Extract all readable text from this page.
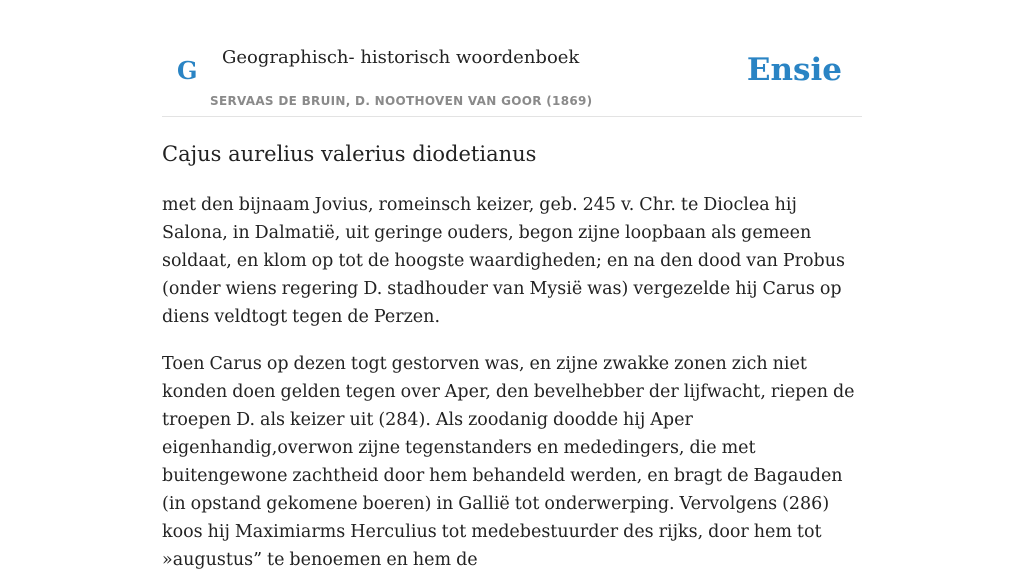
G Geographisch- historisch woordenboek
SERVAAS DE BRUIN, D. NOOTHOVEN VAN GOOR (1869)
Ensie
Cajus aurelius valerius diodetianus

met den bijnaam Jovius, romeinsch keizer, geb. 245 v. Chr. te Dioclea hij Salona, in Dalmatië, uit geringe ouders, begon zijne loopbaan als gemeen soldaat, en klom op tot de hoogste waardigheden; en na den dood van Probus (onder wiens regering D. stadhouder van Mysië was) vergezelde hij Carus op diens veldtogt tegen de Perzen.

Toen Carus op dezen togt gestorven was, en zijne zwakke zonen zich niet konden doen gelden tegen over Aper, den bevelhebber der lijfwacht, riepen de troepen D. als keizer uit (284). Als zoodanig doodde hij Aper eigenhandig,overwon zijne tegenstanders en mededingers, die met buitengewone zachtheid door hem behandeld werden, en bragt de Bagauden (in opstand gekomene boeren) in Gallië tot onderwerping. Vervolgens (286) koos hij Maximiarms Herculius tot medebestuurder des rijks, door hem tot »augustus” te benoemen en hem de
